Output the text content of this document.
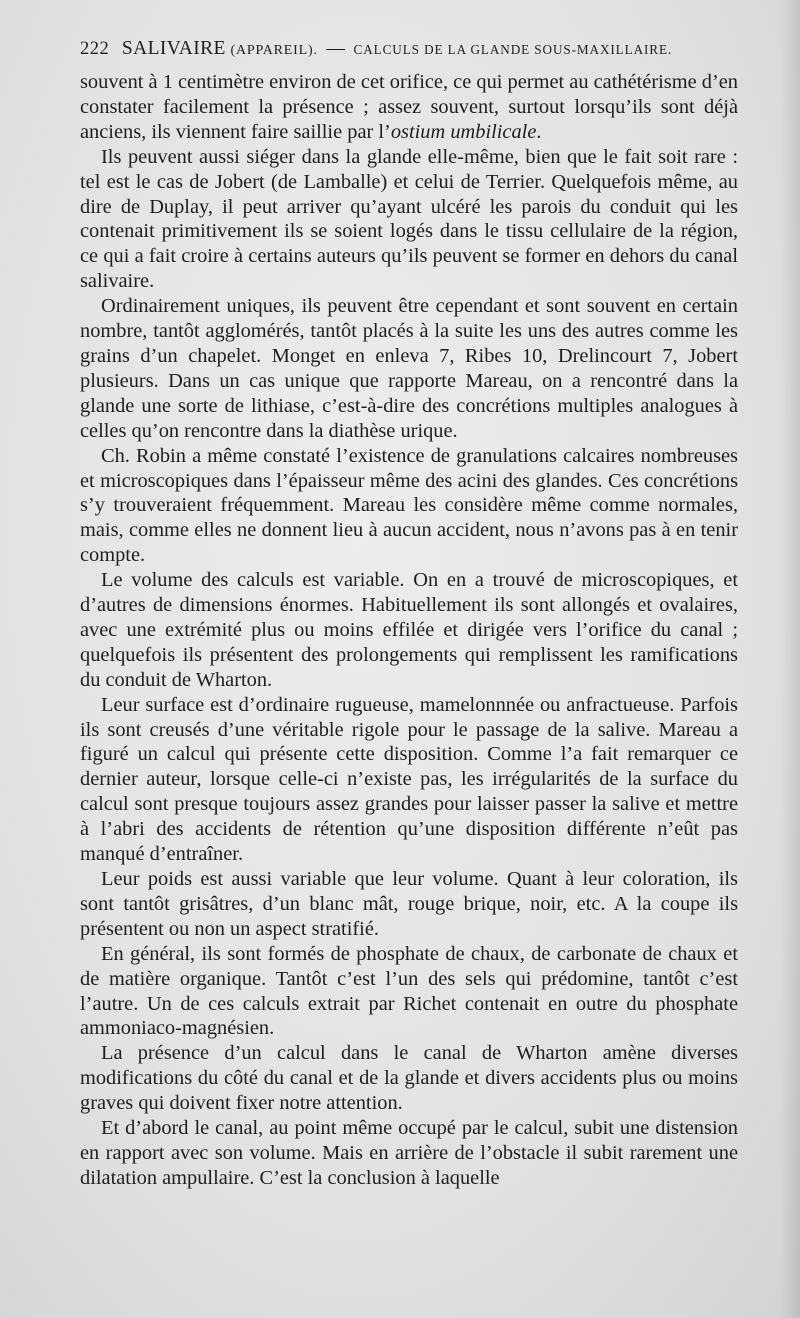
222 SALIVAIRE (APPAREIL). — CALCULS DE LA GLANDE SOUS-MAXILLAIRE.

souvent à 1 centimètre environ de cet orifice, ce qui permet au cathétérisme d’en constater facilement la présence ; assez souvent, surtout lorsqu’ils sont déjà anciens, ils viennent faire saillie par l’ostium umbilicale.

Ils peuvent aussi siéger dans la glande elle-même, bien que le fait soit rare : tel est le cas de Jobert (de Lamballe) et celui de Terrier. Quelquefois même, au dire de Duplay, il peut arriver qu’ayant ulcéré les parois du conduit qui les contenait primitivement ils se soient logés dans le tissu cellulaire de la région, ce qui a fait croire à certains auteurs qu’ils peuvent se former en dehors du canal salivaire.

Ordinairement uniques, ils peuvent être cependant et sont souvent en certain nombre, tantôt agglomérés, tantôt placés à la suite les uns des autres comme les grains d’un chapelet. Monget en enleva 7, Ribes 10, Drelincourt 7, Jobert plusieurs. Dans un cas unique que rapporte Mareau, on a rencontré dans la glande une sorte de lithiase, c’est-à-dire des concrétions multiples analogues à celles qu’on rencontre dans la diathèse urique.

Ch. Robin a même constaté l’existence de granulations calcaires nombreuses et microscopiques dans l’épaisseur même des acini des glandes. Ces concrétions s’y trouveraient fréquemment. Mareau les considère même comme normales, mais, comme elles ne donnent lieu à aucun accident, nous n’avons pas à en tenir compte.

Le volume des calculs est variable. On en a trouvé de microscopiques, et d’autres de dimensions énormes. Habituellement ils sont allongés et ovalaires, avec une extrémité plus ou moins effilée et dirigée vers l’orifice du canal ; quelquefois ils présentent des prolongements qui remplissent les ramifications du conduit de Wharton.

Leur surface est d’ordinaire rugueuse, mamelonnnée ou anfractueuse. Parfois ils sont creusés d’une véritable rigole pour le passage de la salive. Mareau a figuré un calcul qui présente cette disposition. Comme l’a fait remarquer ce dernier auteur, lorsque celle-ci n’existe pas, les irrégularités de la surface du calcul sont presque toujours assez grandes pour laisser passer la salive et mettre à l’abri des accidents de rétention qu’une disposition différente n’eût pas manqué d’entraîner.

Leur poids est aussi variable que leur volume. Quant à leur coloration, ils sont tantôt grisâtres, d’un blanc mât, rouge brique, noir, etc. A la coupe ils présentent ou non un aspect stratifié.

En général, ils sont formés de phosphate de chaux, de carbonate de chaux et de matière organique. Tantôt c’est l’un des sels qui prédomine, tantôt c’est l’autre. Un de ces calculs extrait par Richet contenait en outre du phosphate ammoniaco-magnésien.

La présence d’un calcul dans le canal de Wharton amène diverses modifications du côté du canal et de la glande et divers accidents plus ou moins graves qui doivent fixer notre attention.

Et d’abord le canal, au point même occupé par le calcul, subit une distension en rapport avec son volume. Mais en arrière de l’obstacle il subit rarement une dilatation ampullaire. C’est la conclusion à laquelle
